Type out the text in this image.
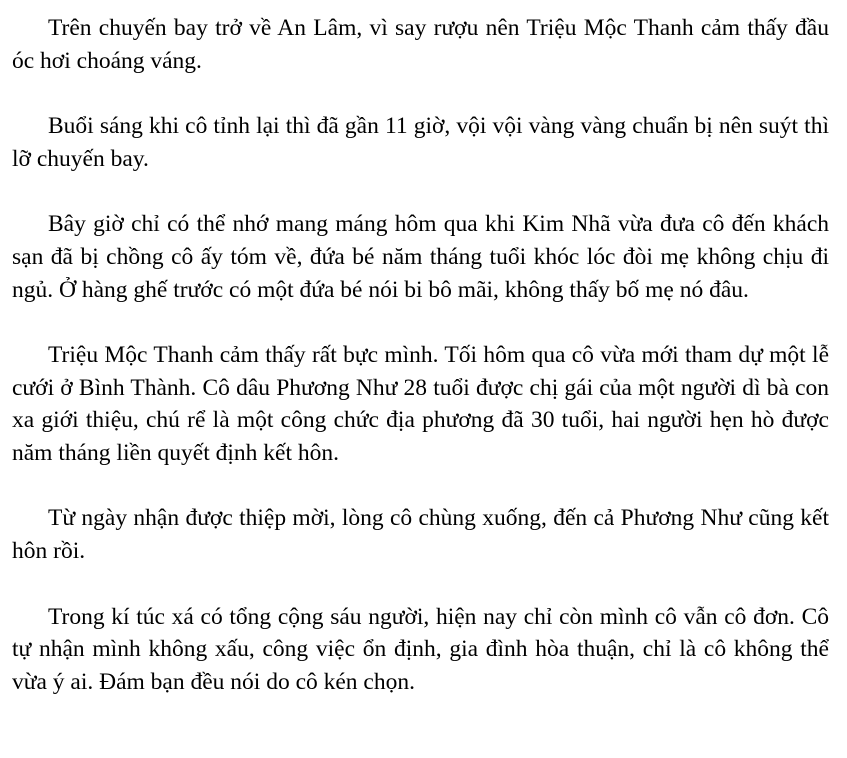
Trên chuyến bay trở về An Lâm, vì say rượu nên Triệu Mộc Thanh cảm thấy đầu óc hơi choáng váng.

Buổi sáng khi cô tỉnh lại thì đã gần 11 giờ, vội vội vàng vàng chuẩn bị nên suýt thì lỡ chuyến bay.

Bây giờ chỉ có thể nhớ mang máng hôm qua khi Kim Nhã vừa đưa cô đến khách sạn đã bị chồng cô ấy tóm về, đứa bé năm tháng tuổi khóc lóc đòi mẹ không chịu đi ngủ. Ở hàng ghế trước có một đứa bé nói bi bô mãi, không thấy bố mẹ nó đâu.

Triệu Mộc Thanh cảm thấy rất bực mình. Tối hôm qua cô vừa mới tham dự một lễ cưới ở Bình Thành. Cô dâu Phương Như 28 tuổi được chị gái của một người dì bà con xa giới thiệu, chú rể là một công chức địa phương đã 30 tuổi, hai người hẹn hò được năm tháng liền quyết định kết hôn.

Từ ngày nhận được thiệp mời, lòng cô chùng xuống, đến cả Phương Như cũng kết hôn rồi.

Trong kí túc xá có tổng cộng sáu người, hiện nay chỉ còn mình cô vẫn cô đơn. Cô tự nhận mình không xấu, công việc ổn định, gia đình hòa thuận, chỉ là cô không thể vừa ý ai. Đám bạn đều nói do cô kén chọn.
